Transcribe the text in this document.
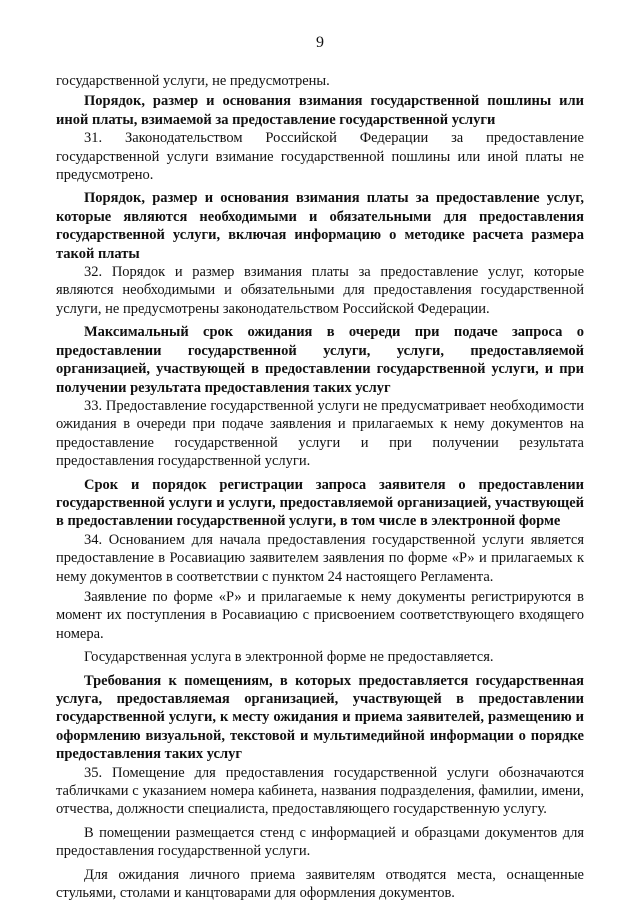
9

государственной услуги, не предусмотрены.

Порядок, размер и основания взимания государственной пошлины или иной платы, взимаемой за предоставление государственной услуги

31. Законодательством Российской Федерации за предоставление государственной услуги взимание государственной пошлины или иной платы не предусмотрено.

Порядок, размер и основания взимания платы за предоставление услуг, которые являются необходимыми и обязательными для предоставления государственной услуги, включая информацию о методике расчета размера такой платы

32. Порядок и размер взимания платы за предоставление услуг, которые являются необходимыми и обязательными для предоставления государственной услуги, не предусмотрены законодательством Российской Федерации.

Максимальный срок ожидания в очереди при подаче запроса о предоставлении государственной услуги, услуги, предоставляемой организацией, участвующей в предоставлении государственной услуги, и при получении результата предоставления таких услуг

33. Предоставление государственной услуги не предусматривает необходимости ожидания в очереди при подаче заявления и прилагаемых к нему документов на предоставление государственной услуги и при получении результата предоставления государственной услуги.

Срок и порядок регистрации запроса заявителя о предоставлении государственной услуги и услуги, предоставляемой организацией, участвующей в предоставлении государственной услуги, в том числе в электронной форме

34. Основанием для начала предоставления государственной услуги является предоставление в Росавиацию заявителем заявления по форме «Р» и прилагаемых к нему документов в соответствии с пунктом 24 настоящего Регламента.

Заявление по форме «Р» и прилагаемые к нему документы регистрируются в момент их поступления в Росавиацию с присвоением соответствующего входящего номера.

Государственная услуга в электронной форме не предоставляется.

Требования к помещениям, в которых предоставляется государственная услуга, предоставляемая организацией, участвующей в предоставлении государственной услуги, к месту ожидания и приема заявителей, размещению и оформлению визуальной, текстовой и мультимедийной информации о порядке предоставления таких услуг

35. Помещение для предоставления государственной услуги обозначаются табличками с указанием номера кабинета, названия подразделения, фамилии, имени, отчества, должности специалиста, предоставляющего государственную услугу.

В помещении размещается стенд с информацией и образцами документов для предоставления государственной услуги.

Для ожидания личного приема заявителям отводятся места, оснащенные стульями, столами и канцтоварами для оформления документов.
